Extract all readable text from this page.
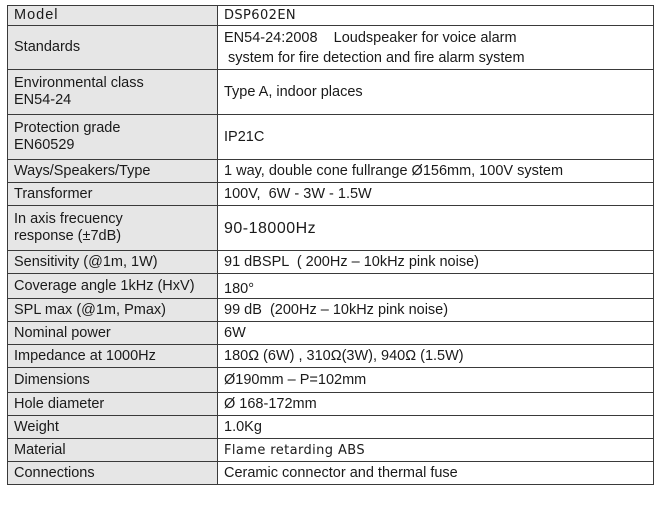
Model	DSP602EN

Standards	EN54-24:2008    Loudspeaker for voice alarm
system for fire detection and fire alarm system

Environmental class
EN54-24	Type A, indoor places

Protection grade
EN60529	IP21C

Ways/Speakers/Type	1 way, double cone fullrange Ø156mm, 100V system

Transformer	100V,  6W - 3W - 1.5W

In axis frecuency
response (±7dB)	90-18000Hz

Sensitivity (@1m, 1W)	91 dBSPL  ( 200Hz – 10kHz pink noise)

Coverage angle 1kHz (HxV)	180°

SPL max (@1m, Pmax)	99 dB  (200Hz – 10kHz pink noise)

Nominal power	6W

Impedance at 1000Hz	180Ω (6W) , 310Ω(3W), 940Ω (1.5W)

Dimensions	Ø190mm – P=102mm

Hole diameter	Ø 168-172mm

Weight	1.0Kg

Material	Flame retarding ABS

Connections	Ceramic connector and thermal fuse
